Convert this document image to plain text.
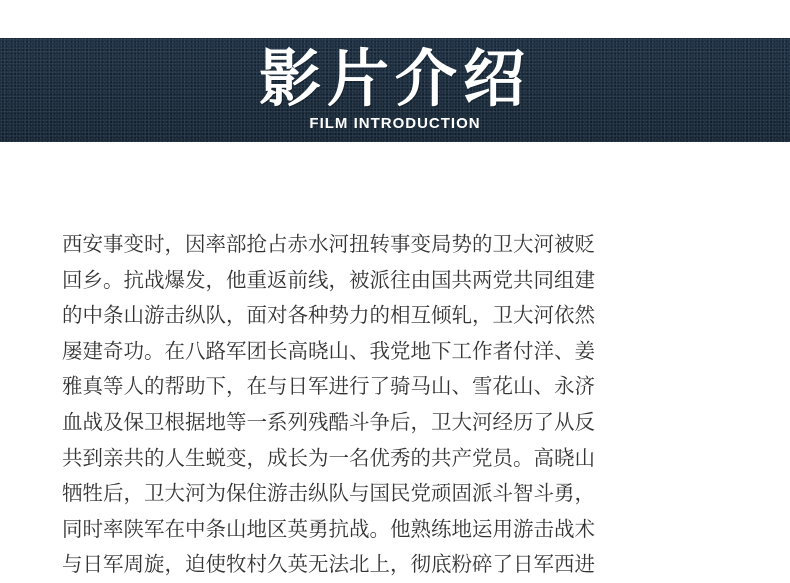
影片介绍
FILM INTRODUCTION
西安事变时，因率部抢占赤水河扭转事变局势的卫大河被贬
回乡。抗战爆发，他重返前线，被派往由国共两党共同组建
的中条山游击纵队，面对各种势力的相互倾轧，卫大河依然
屡建奇功。在八路军团长高晓山、我党地下工作者付洋、姜
雅真等人的帮助下，在与日军进行了骑马山、雪花山、永济
血战及保卫根据地等一系列残酷斗争后，卫大河经历了从反
共到亲共的人生蜕变，成长为一名优秀的共产党员。高晓山
牺牲后，卫大河为保住游击纵队与国民党顽固派斗智斗勇，
同时率陕军在中条山地区英勇抗战。他熟练地运用游击战术
与日军周旋，迫使牧村久英无法北上，彻底粉碎了日军西进
